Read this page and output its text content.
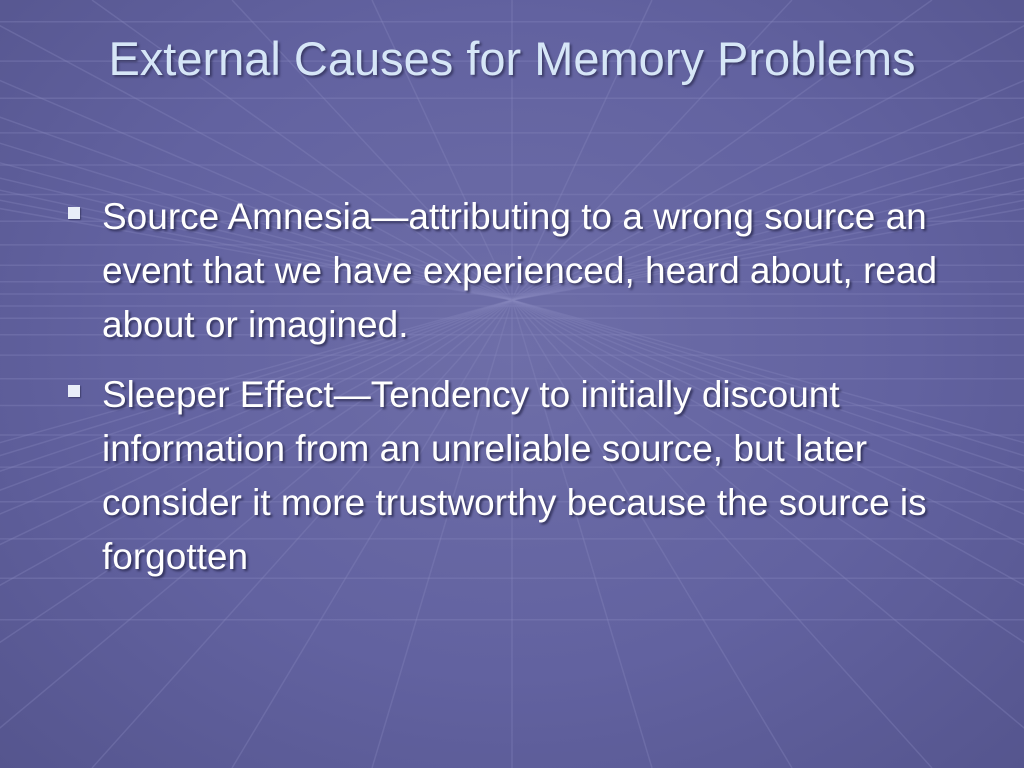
External Causes for Memory Problems
Source Amnesia—attributing to a wrong source an event that we have experienced, heard about, read about or imagined.
Sleeper Effect—Tendency to initially discount information from an unreliable source, but later consider it more trustworthy because the source is forgotten
